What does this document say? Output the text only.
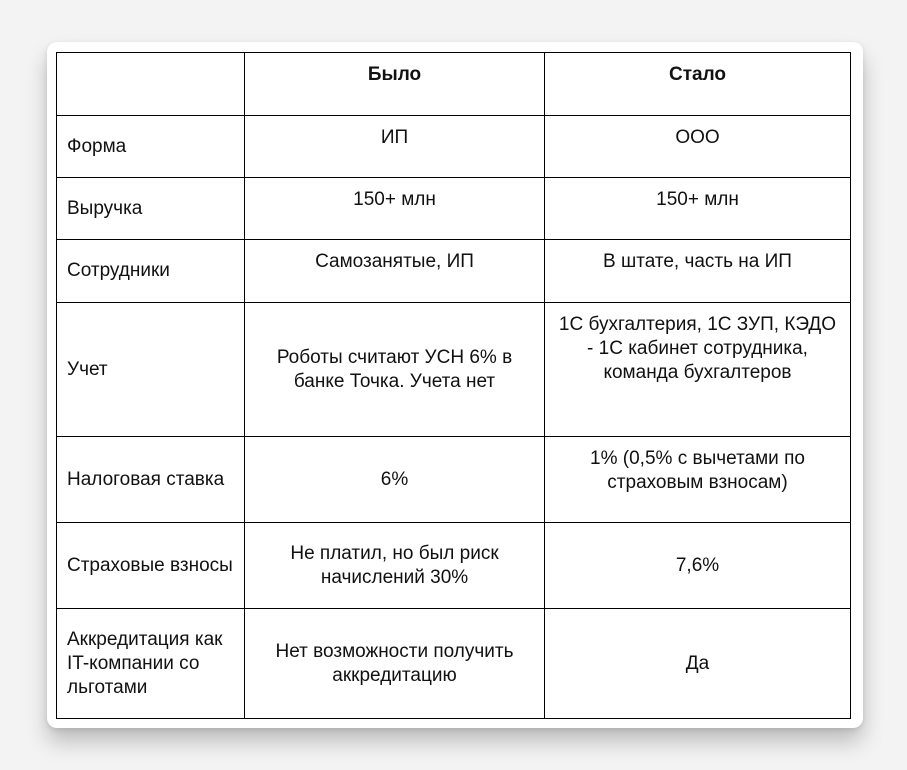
	Было	Стало
Форма	ИП	ООО
Выручка	150+ млн	150+ млн
Сотрудники	Самозанятые, ИП	В штате, часть на ИП
Учет	Роботы считают УСН 6% в банке Точка. Учета нет	1С бухгалтерия, 1С ЗУП, КЭДО - 1С кабинет сотрудника, команда бухгалтеров
Налоговая ставка	6%	1% (0,5% с вычетами по страховым взносам)
Страховые взносы	Не платил, но был риск начислений 30%	7,6%
Аккредитация как IT-компании со льготами	Нет возможности получить аккредитацию	Да
